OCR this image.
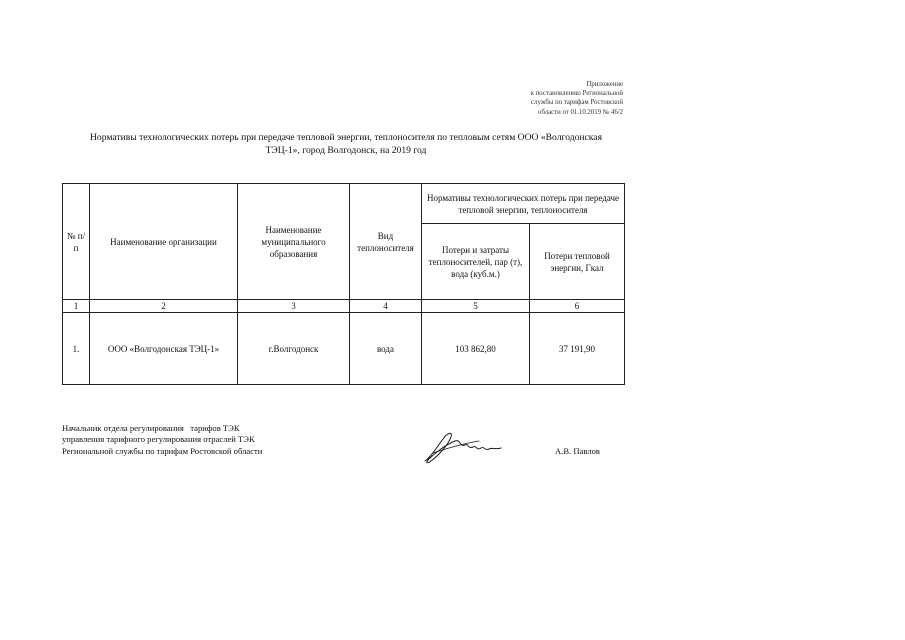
Приложение
к постановлению Региональной
службы по тарифам Ростовской
области от 01.10.2019 № 46/2
Нормативы технологических потерь при передаче тепловой энергии, теплоносителя по тепловым сетям ООО «Волгодонская
ТЭЦ-1», город Волгодонск, на 2019 год
№ п/п	Наименование организации	Наименование муниципального образования	Вид теплоносителя	Нормативы технологических потерь при передаче тепловой энергии, теплоносителя	
				Потери и затраты теплоносителей, пар (т), вода (куб.м.)	Потери тепловой энергии, Гкал
1	2	3	4	5	6
1.	ООО «Волгодонская ТЭЦ-1»	г.Волгодонск	вода	103 862,80	37 191,90
Начальник отдела регулирования   тарифов ТЭК
управления тарифного регулирования отраслей ТЭК
Региональной службы по тарифам Ростовской области	А.В. Павлов
